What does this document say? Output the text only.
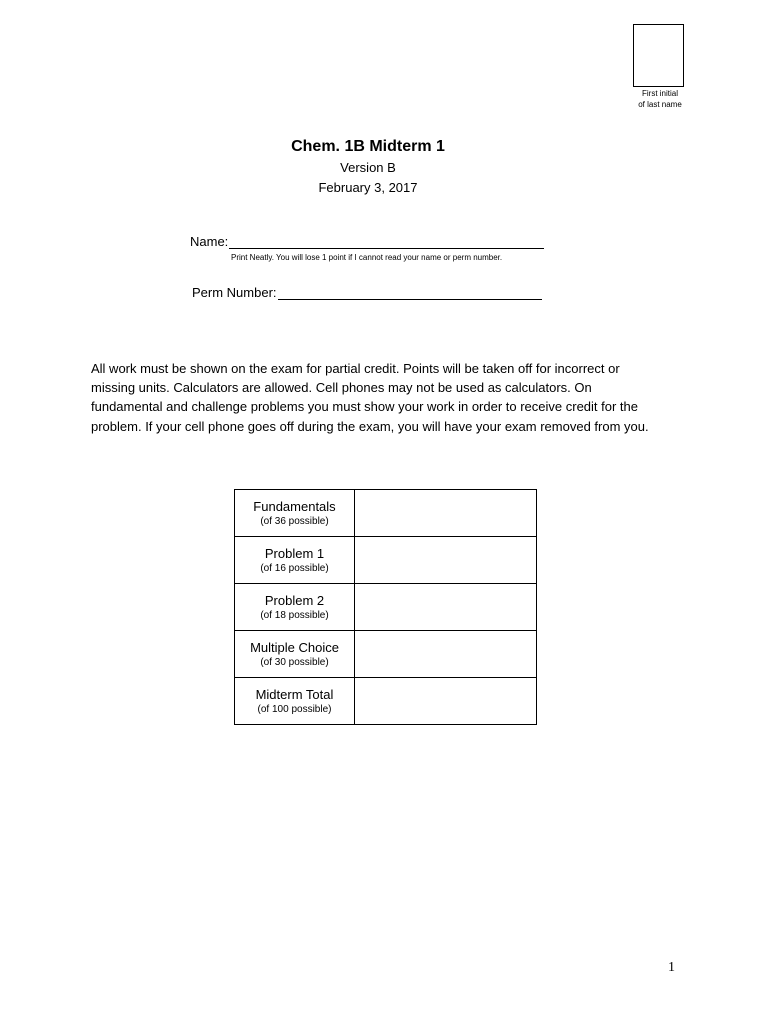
First initial
of last name
Chem. 1B Midterm 1
Version B
February 3, 2017
Name:
Print Neatly. You will lose 1 point if I cannot read your name or perm number.
Perm Number:
All work must be shown on the exam for partial credit. Points will be taken off for incorrect or missing units. Calculators are allowed. Cell phones may not be used as calculators. On fundamental and challenge problems you must show your work in order to receive credit for the problem. If your cell phone goes off during the exam, you will have your exam removed from you.
Fundamentals
(of 36 possible)	

Problem 1
(of 16 possible)	

Problem 2
(of 18 possible)	

Multiple Choice
(of 30 possible)	

Midterm Total
(of 100 possible)	

1
